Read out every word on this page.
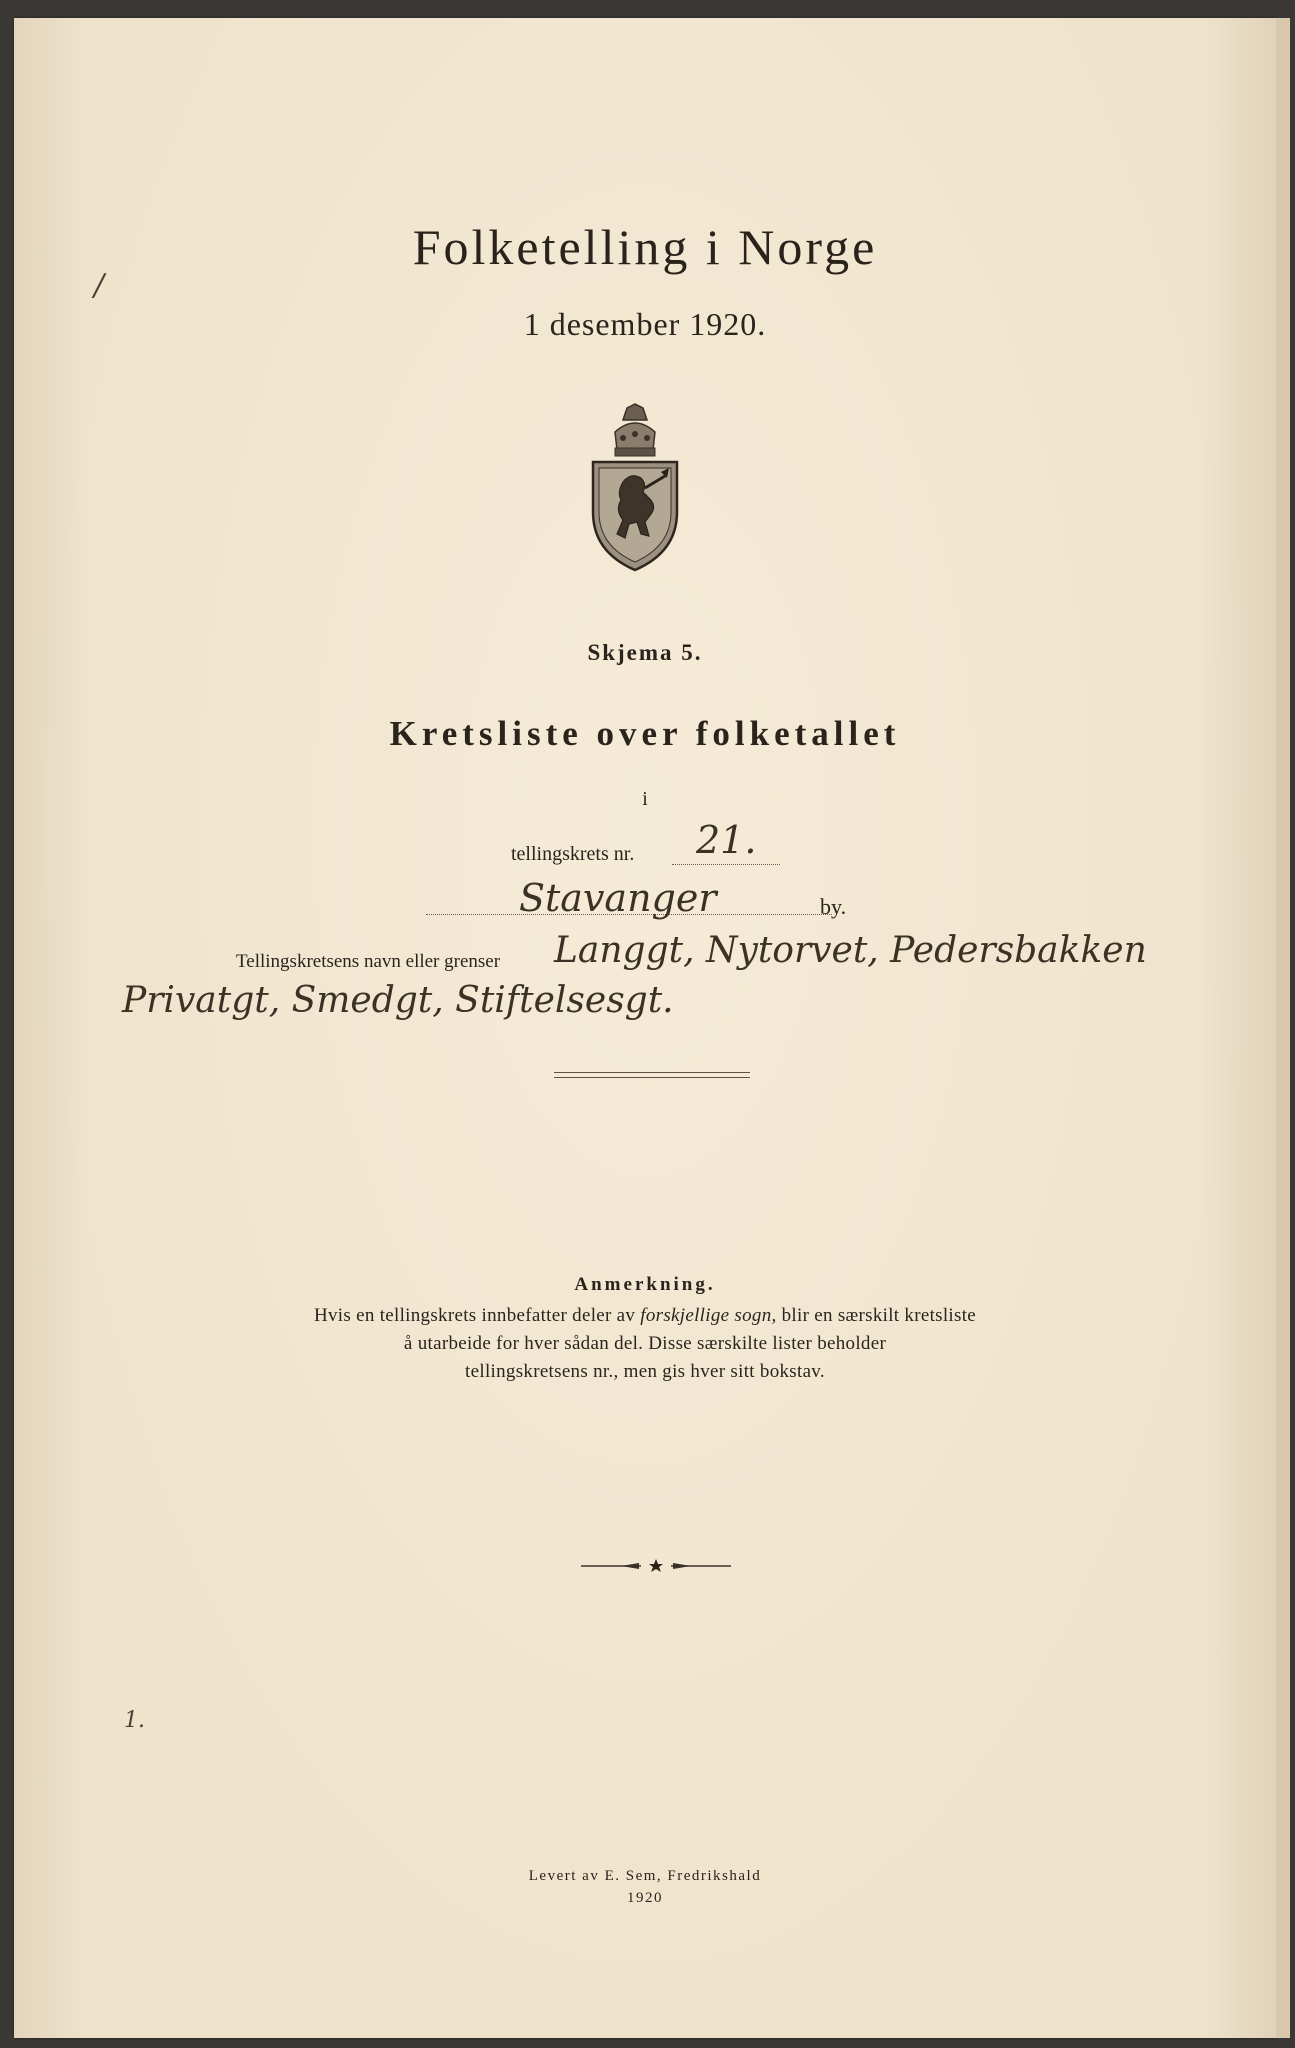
/
Folketelling i Norge
1 desember 1920.
Skjema 5.
Kretsliste over folketallet
i
tellingskrets nr. 21.
Stavanger	by.
Tellingskretsens navn eller grenser Langgt, Nytorvet, Pedersbakken
Privatgt, Smedgt, Stiftelsesgt.
Anmerkning.
Hvis en tellingskrets innbefatter deler av forskjellige sogn, blir en særskilt kretsliste
å utarbeide for hver sådan del. Disse særskilte lister beholder
tellingskretsens nr., men gis hver sitt bokstav.
1.
Levert av E. Sem, Fredrikshald
1920
